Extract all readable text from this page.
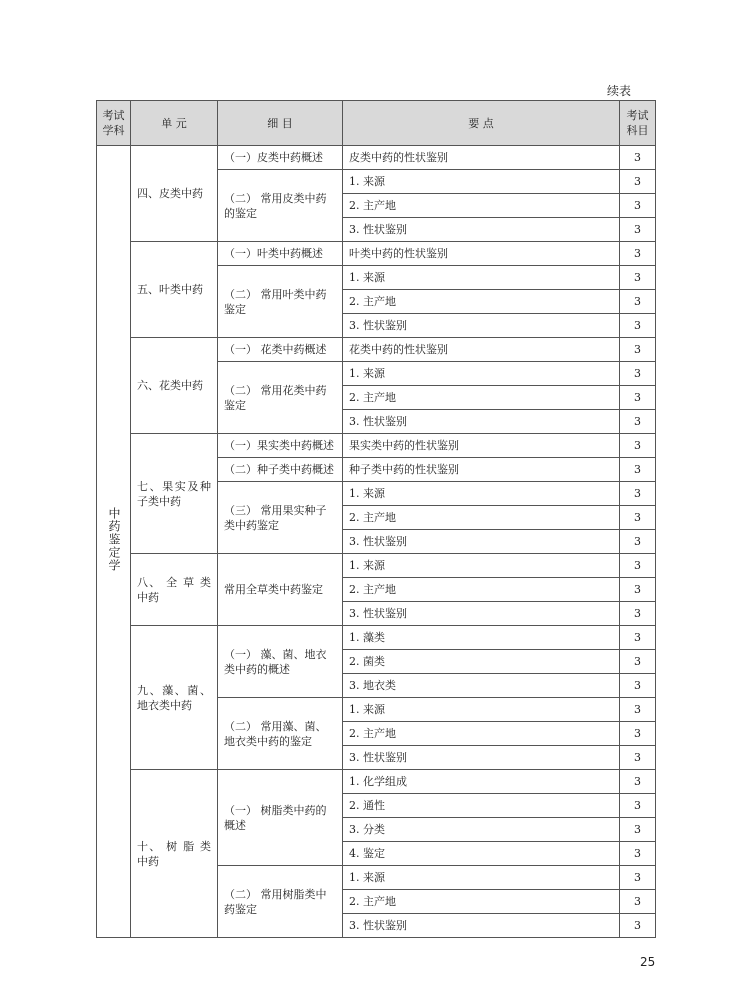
续表
考试学科	单 元	细 目	要 点	考试科目
中药鉴定学	四、皮类中药	（一）皮类中药概述	皮类中药的性状鉴别	3
		（二） 常用皮类中药的鉴定	1. 来源	3
			2. 主产地	3
			3. 性状鉴别	3
	五、叶类中药	（一）叶类中药概述	叶类中药的性状鉴别	3
		（二） 常用叶类中药鉴定	1. 来源	3
			2. 主产地	3
			3. 性状鉴别	3
	六、花类中药	（一） 花类中药概述	花类中药的性状鉴别	3
		（二） 常用花类中药鉴定	1. 来源	3
			2. 主产地	3
			3. 性状鉴别	3
	七、果实及种子类中药	（一）果实类中药概述	果实类中药的性状鉴别	3
		（二）种子类中药概述	种子类中药的性状鉴别	3
		（三） 常用果实种子类中药鉴定	1. 来源	3
			2. 主产地	3
			3. 性状鉴别	3
	八、 全 草 类中药	常用全草类中药鉴定	1. 来源	3
			2. 主产地	3
			3. 性状鉴别	3
	九、藻、菌、地衣类中药	（一） 藻、菌、地衣类中药的概述	1. 藻类	3
			2. 菌类	3
			3. 地衣类	3
		（二） 常用藻、菌、地衣类中药的鉴定	1. 来源	3
			2. 主产地	3
			3. 性状鉴别	3
	十、 树 脂 类中药	（一） 树脂类中药的概述	1. 化学组成	3
			2. 通性	3
			3. 分类	3
			4. 鉴定	3
		（二） 常用树脂类中药鉴定	1. 来源	3
			2. 主产地	3
			3. 性状鉴别	3
25
